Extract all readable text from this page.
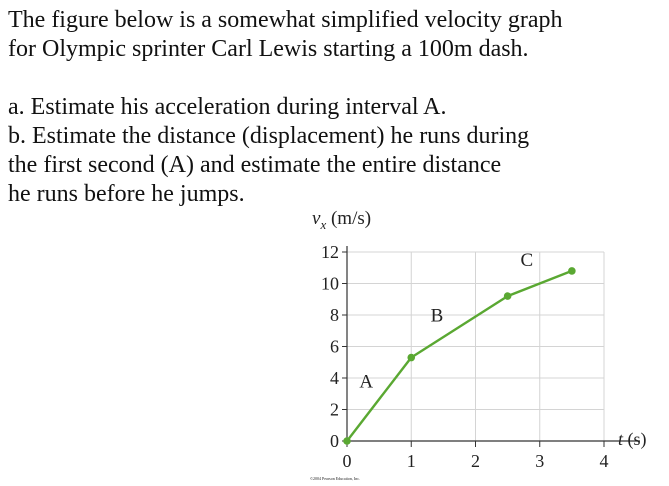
The figure below is a somewhat simplified velocity graph

for Olympic sprinter Carl Lewis starting a 100m dash.

a. Estimate his acceleration during interval A.

b. Estimate the distance (displacement) he runs during

the first second (A) and estimate the entire distance

he runs before he jumps.

0
2
4
6
8
10
12
0	1	2	3	4
$v_x$ (m/s)
t (s)
A
B
C
©2004 Pearson Education, Inc.
